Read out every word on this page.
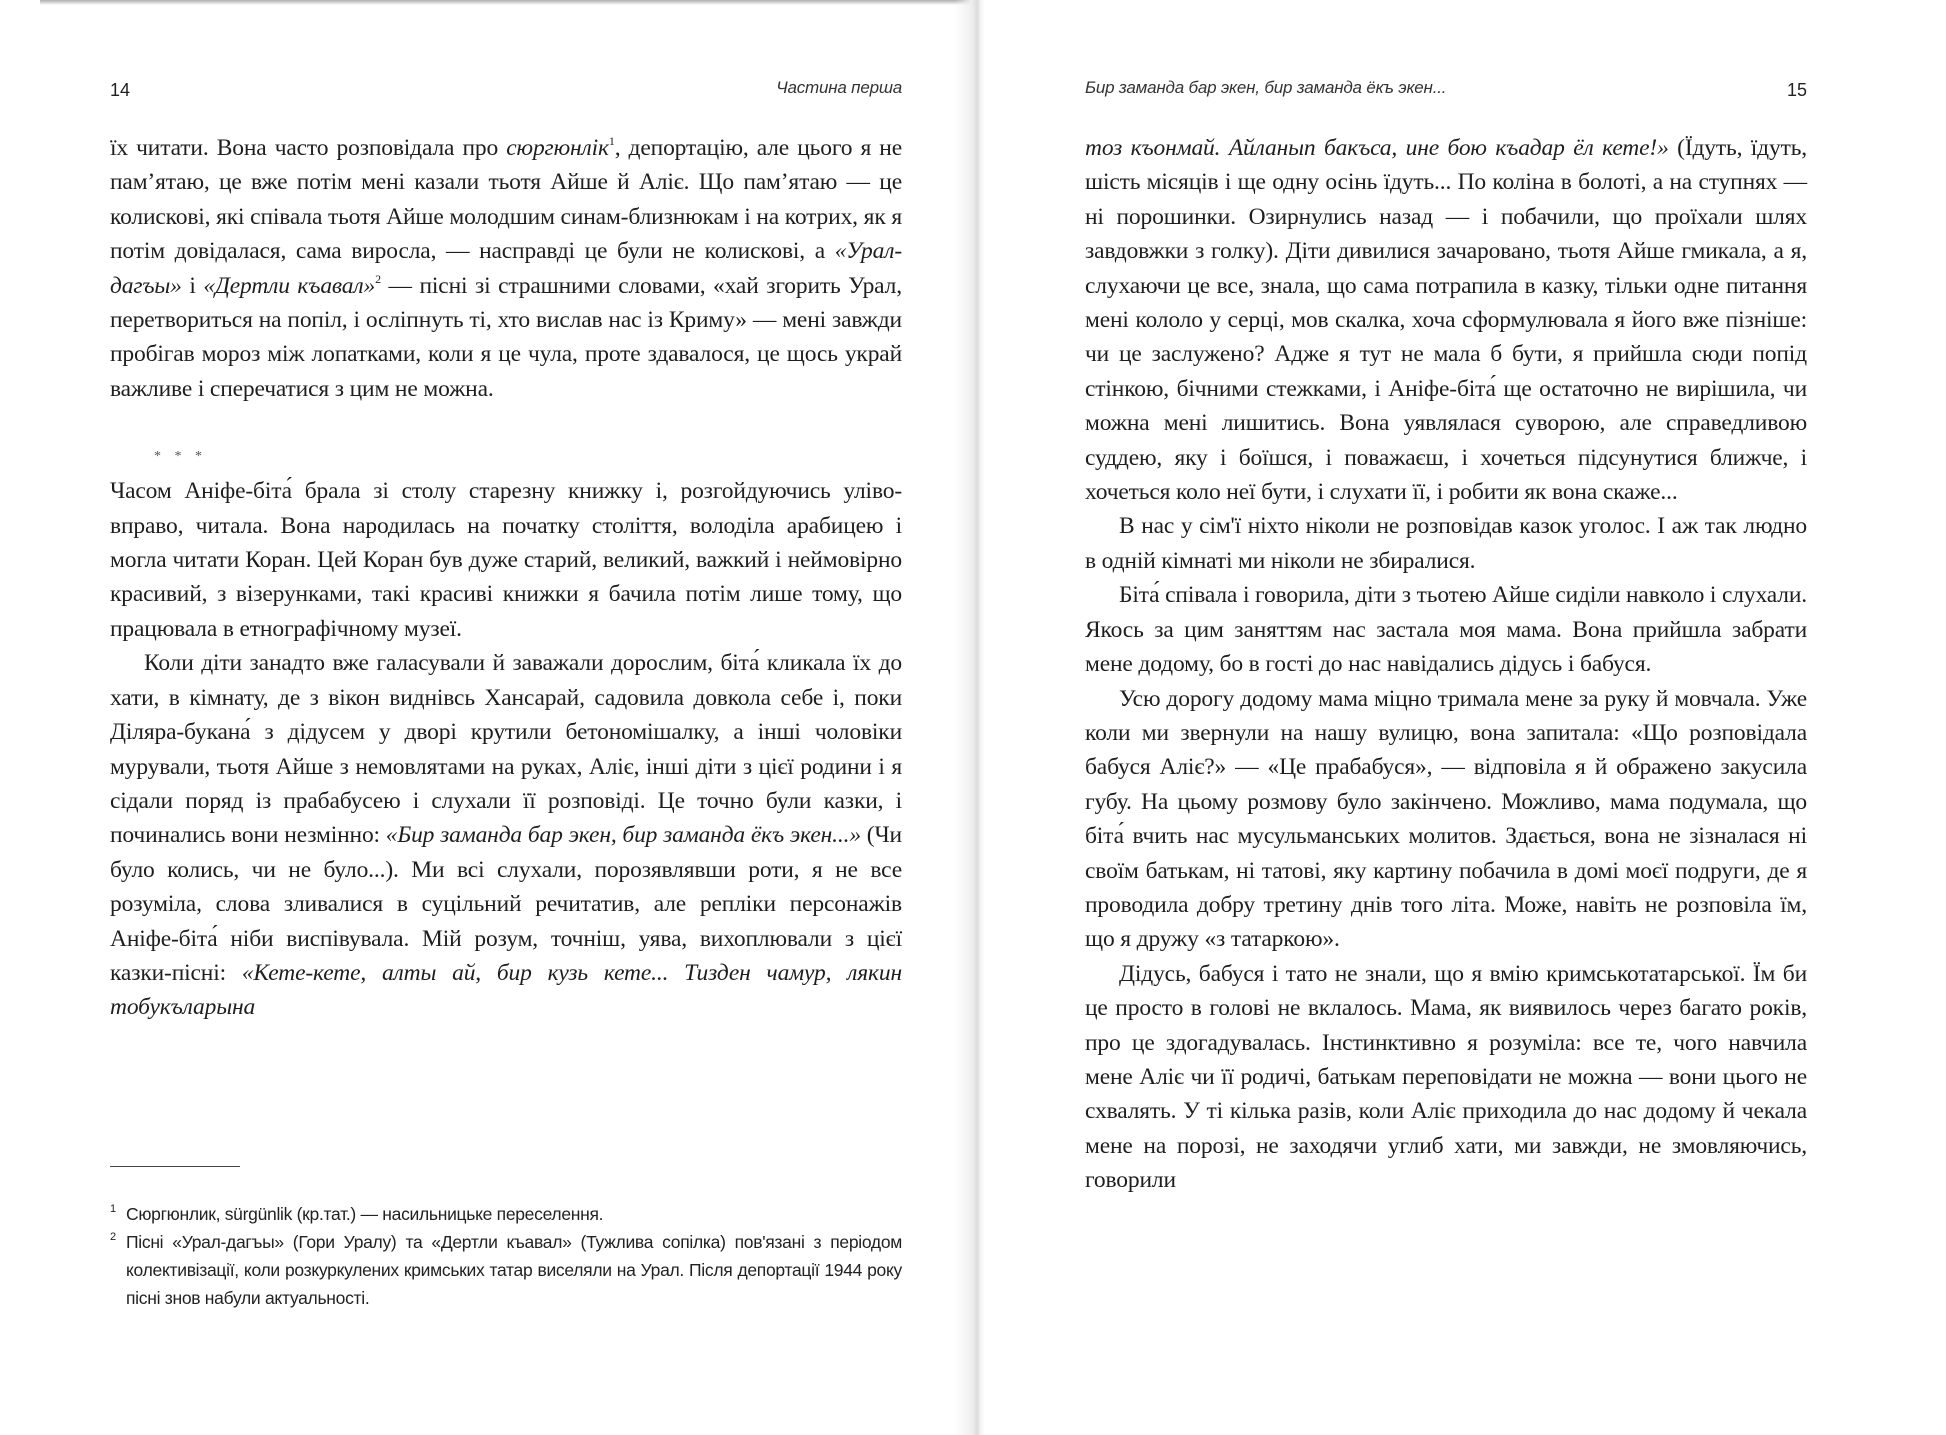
14	Частина перша

їх читати. Вона часто розповідала про сюргюнлік$^1$, депортацію, але цього я не пам’ятаю, це вже потім мені казали тьотя Айше й Аліє. Що пам’ятаю — це колискові, які співала тьотя Айше молодшим синам-близнюкам і на котрих, як я потім довідалася, сама виросла, — насправді це були не колискові, а «Урал-дагъы» і «Дертли къавал»$^2$ — пісні зі страшними словами, «хай згорить Урал, перетвориться на попіл, і осліпнуть ті, хто вислав нас із Криму» — мені завжди пробігав мороз між лопатками, коли я це чула, проте здавалося, це щось украй важливе і сперечатися з цим не можна.

* * *

Часом Аніфе-біта́ брала зі столу старезну книжку і, розгойдуючись уліво-вправо, читала. Вона народилась на початку століття, володіла арабицею і могла читати Коран. Цей Коран був дуже старий, великий, важкий і неймовірно красивий, з візерунками, такі красиві книжки я бачила потім лише тому, що працювала в етнографічному музеї.

Коли діти занадто вже галасували й заважали дорослим, біта́ кликала їх до хати, в кімнату, де з вікон виднівсь Хансарай, садовила довкола себе і, поки Діляра-букана́ з дідусем у дворі крутили бетономішалку, а інші чоловіки мурували, тьотя Айше з немовлятами на руках, Аліє, інші діти з цієї родини і я сідали поряд із прабабусею і слухали її розповіді. Це точно були казки, і починались вони незмінно: «Бир заманда бар экен, бир заманда ёкъ экен...» (Чи було колись, чи не було...). Ми всі слухали, порозявлявши роти, я не все розуміла, слова зливалися в суцільний речитатив, але репліки персонажів Аніфе-біта́ ніби виспівувала. Мій розум, точніш, уява, вихоплювали з цієї казки-пісні: «Кете-кете, алты ай, бир кузь кете... Тизден чамур, лякин тобукъларына

1 Сюргюнлик, sürgünlik (кр.тат.) — насильницьке переселення.

2 Пісні «Урал-дагъы» (Гори Уралу) та «Дертли къавал» (Тужлива сопілка) пов'язані з періодом колективізації, коли розкуркулених кримських татар виселяли на Урал. Після депортації 1944 року пісні знов набули актуальності.

Бир заманда бар экен, бир заманда ёкъ экен...	15

тоз къонмай. Айланып бакъса, ине бою къадар ёл кете!» (Їдуть, їдуть, шість місяців і ще одну осінь їдуть... По коліна в болоті, а на ступнях — ні порошинки. Озирнулись назад — і побачили, що проїхали шлях завдовжки з голку). Діти дивилися зачаровано, тьотя Айше гмикала, а я, слухаючи це все, знала, що сама потрапила в казку, тільки одне питання мені кололо у серці, мов скалка, хоча сформулювала я його вже пізніше: чи це заслужено? Адже я тут не мала б бути, я прийшла сюди попід стінкою, бічними стежками, і Аніфе-біта́ ще остаточно не вирішила, чи можна мені лишитись. Вона уявлялася суворою, але справедливою суддею, яку і боїшся, і поважаєш, і хочеться підсунутися ближче, і хочеться коло неї бути, і слухати її, і робити як вона скаже...

В нас у сім'ї ніхто ніколи не розповідав казок уголос. І аж так людно в одній кімнаті ми ніколи не збиралися.

Біта́ співала і говорила, діти з тьотею Айше сиділи навколо і слухали. Якось за цим заняттям нас застала моя мама. Вона прийшла забрати мене додому, бо в гості до нас навідались дідусь і бабуся.

Усю дорогу додому мама міцно тримала мене за руку й мовчала. Уже коли ми звернули на нашу вулицю, вона запитала: «Що розповідала бабуся Аліє?» — «Це прабабуся», — відповіла я й ображено закусила губу. На цьому розмову було закінчено. Можливо, мама подумала, що біта́ вчить нас мусульманських молитов. Здається, вона не зізналася ні своїм батькам, ні татові, яку картину побачила в домі моєї подруги, де я проводила добру третину днів того літа. Може, навіть не розповіла їм, що я дружу «з татаркою».

Дідусь, бабуся і тато не знали, що я вмію кримськотатарської. Їм би це просто в голові не вклалось. Мама, як виявилось через багато років, про це здогадувалась. Інстинктивно я розуміла: все те, чого навчила мене Аліє чи її родичі, батькам переповідати не можна — вони цього не схвалять. У ті кілька разів, коли Аліє приходила до нас додому й чекала мене на порозі, не заходячи углиб хати, ми завжди, не змовляючись, говорили
